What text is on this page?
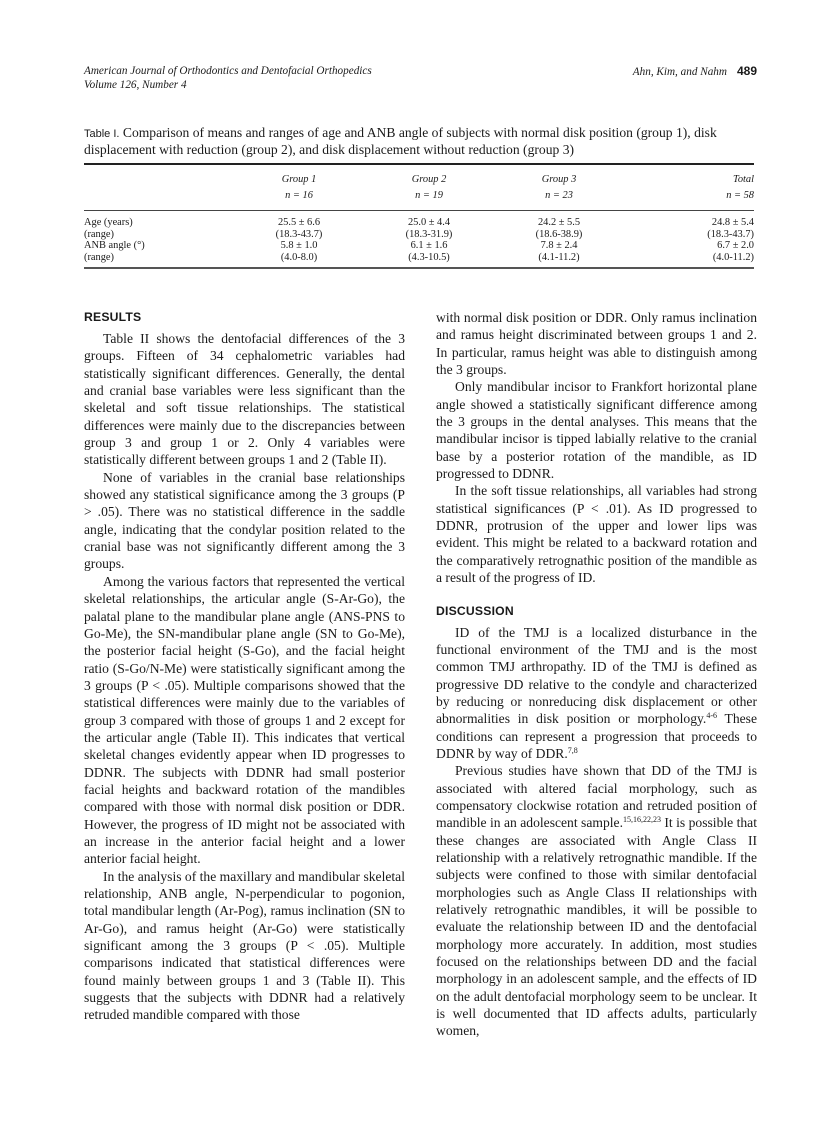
American Journal of Orthodontics and Dentofacial Orthopedics
Volume 126, Number 4
Ahn, Kim, and Nahm 489

Table I. Comparison of means and ranges of age and ANB angle of subjects with normal disk position (group 1), disk displacement with reduction (group 2), and disk displacement without reduction (group 3)

	Group 1	Group 2	Group 3	Total
	n = 16	n = 19	n = 23	n = 58
Age (years)	25.5 ± 6.6	25.0 ± 4.4	24.2 ± 5.5	24.8 ± 5.4
(range)	(18.3-43.7)	(18.3-31.9)	(18.6-38.9)	(18.3-43.7)
ANB angle (°)	5.8 ± 1.0	6.1 ± 1.6	7.8 ± 2.4	6.7 ± 2.0
(range)	(4.0-8.0)	(4.3-10.5)	(4.1-11.2)	(4.0-11.2)
RESULTS

Table II shows the dentofacial differences of the 3 groups. Fifteen of 34 cephalometric variables had statistically significant differences. Generally, the dental and cranial base variables were less significant than the skeletal and soft tissue relationships. The statistical differences were mainly due to the discrepancies between group 3 and group 1 or 2. Only 4 variables were statistically different between groups 1 and 2 (Table II).

None of variables in the cranial base relationships showed any statistical significance among the 3 groups (P > .05). There was no statistical difference in the saddle angle, indicating that the condylar position related to the cranial base was not significantly different among the 3 groups.

Among the various factors that represented the vertical skeletal relationships, the articular angle (S-Ar-Go), the palatal plane to the mandibular plane angle (ANS-PNS to Go-Me), the SN-mandibular plane angle (SN to Go-Me), the posterior facial height (S-Go), and the facial height ratio (S-Go/N-Me) were statistically significant among the 3 groups (P < .05). Multiple comparisons showed that the statistical differences were mainly due to the variables of group 3 compared with those of groups 1 and 2 except for the articular angle (Table II). This indicates that vertical skeletal changes evidently appear when ID progresses to DDNR. The subjects with DDNR had small posterior facial heights and backward rotation of the mandibles compared with those with normal disk position or DDR. However, the progress of ID might not be associated with an increase in the anterior facial height and a lower anterior facial height.

In the analysis of the maxillary and mandibular skeletal relationship, ANB angle, N-perpendicular to pogonion, total mandibular length (Ar-Pog), ramus inclination (SN to Ar-Go), and ramus height (Ar-Go) were statistically significant among the 3 groups (P < .05). Multiple comparisons indicated that statistical differences were found mainly between groups 1 and 3 (Table II). This suggests that the subjects with DDNR had a relatively retruded mandible compared with those

with normal disk position or DDR. Only ramus inclination and ramus height discriminated between groups 1 and 2. In particular, ramus height was able to distinguish among the 3 groups.

Only mandibular incisor to Frankfort horizontal plane angle showed a statistically significant difference among the 3 groups in the dental analyses. This means that the mandibular incisor is tipped labially relative to the cranial base by a posterior rotation of the mandible, as ID progressed to DDNR.

In the soft tissue relationships, all variables had strong statistical significances (P < .01). As ID progressed to DDNR, protrusion of the upper and lower lips was evident. This might be related to a backward rotation and the comparatively retrognathic position of the mandible as a result of the progress of ID.

DISCUSSION

ID of the TMJ is a localized disturbance in the functional environment of the TMJ and is the most common TMJ arthropathy. ID of the TMJ is defined as progressive DD relative to the condyle and characterized by reducing or nonreducing disk displacement or other abnormalities in disk position or morphology.$^{4-6}$ These conditions can represent a progression that proceeds to DDNR by way of DDR.$^{7,8}$

Previous studies have shown that DD of the TMJ is associated with altered facial morphology, such as compensatory clockwise rotation and retruded position of mandible in an adolescent sample.$^{15,16,22,23}$ It is possible that these changes are associated with Angle Class II relationship with a relatively retrognathic mandible. If the subjects were confined to those with similar dentofacial morphologies such as Angle Class II relationships with relatively retrognathic mandibles, it will be possible to evaluate the relationship between ID and the dentofacial morphology more accurately. In addition, most studies focused on the relationships between DD and the facial morphology in an adolescent sample, and the effects of ID on the adult dentofacial morphology seem to be unclear. It is well documented that ID affects adults, particularly women,
